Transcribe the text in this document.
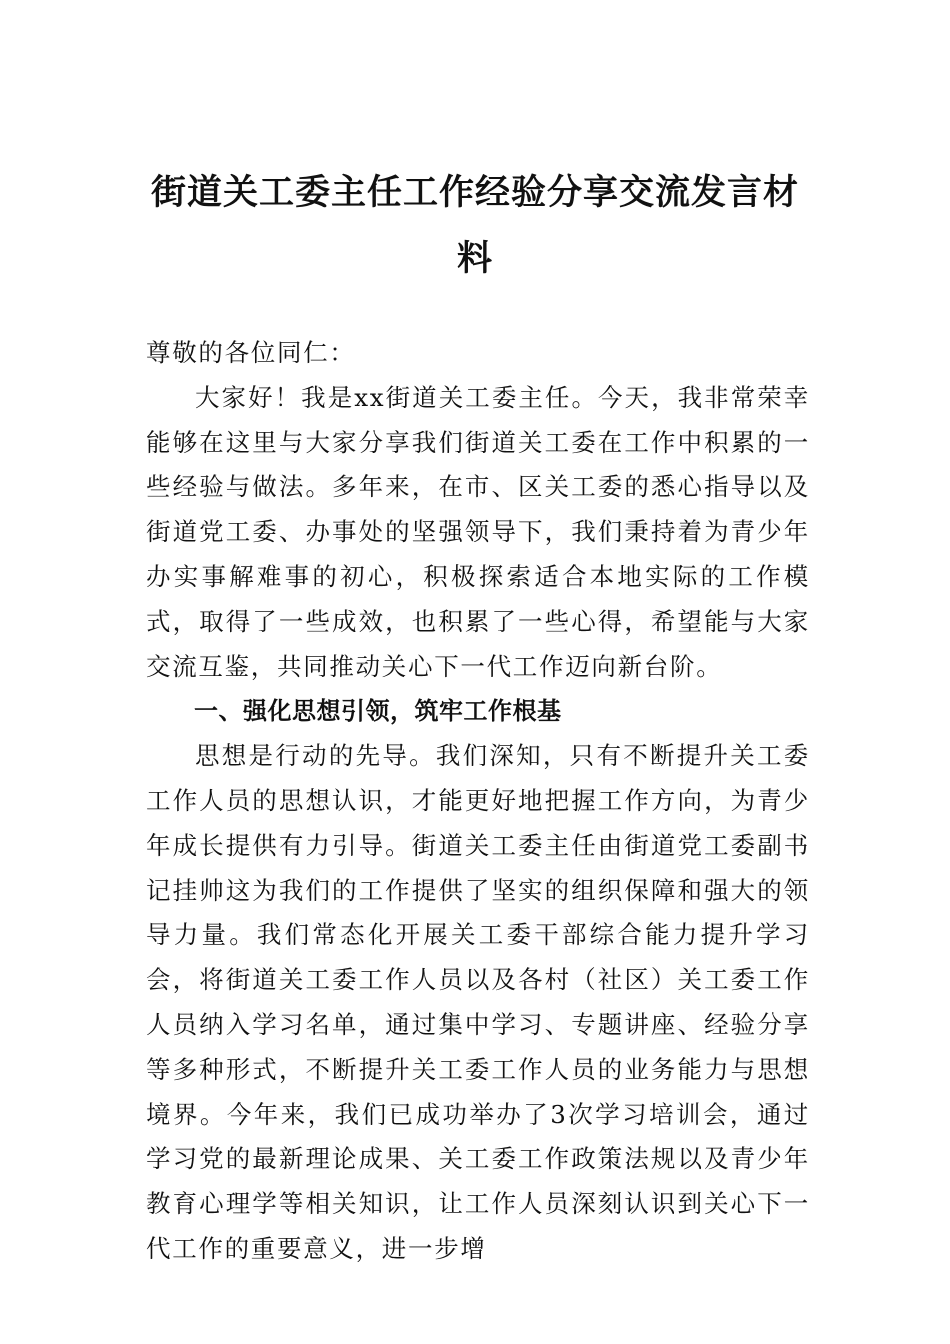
街道关工委主任工作经验分享交流发言材料

尊敬的各位同仁：

大家好！我是xx街道关工委主任。今天，我非常荣幸能够在这里与大家分享我们街道关工委在工作中积累的一些经验与做法。多年来，在市、区关工委的悉心指导以及街道党工委、办事处的坚强领导下，我们秉持着为青少年办实事解难事的初心，积极探索适合本地实际的工作模式，取得了一些成效，也积累了一些心得，希望能与大家交流互鉴，共同推动关心下一代工作迈向新台阶。

一、强化思想引领，筑牢工作根基

思想是行动的先导。我们深知，只有不断提升关工委工作人员的思想认识，才能更好地把握工作方向，为青少年成长提供有力引导。街道关工委主任由街道党工委副书记挂帅这为我们的工作提供了坚实的组织保障和强大的领导力量。我们常态化开展关工委干部综合能力提升学习会，将街道关工委工作人员以及各村（社区）关工委工作人员纳入学习名单，通过集中学习、专题讲座、经验分享等多种形式，不断提升关工委工作人员的业务能力与思想境界。今年来，我们已成功举办了3次学习培训会，通过学习党的最新理论成果、关工委工作政策法规以及青少年教育心理学等相关知识，让工作人员深刻认识到关心下一代工作的重要意义，进一步增
